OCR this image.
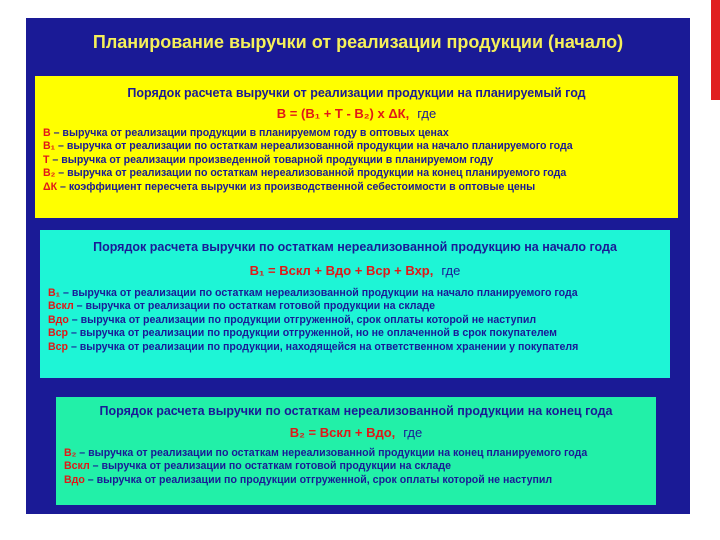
Планирование выручки от реализации продукции (начало)
Порядок расчета выручки от реализации продукции на планируемый год
В = (В₁ + Т - В₂) х ΔК, где
В – выручка от реализации продукции в планируемом году в оптовых ценах
В₁ – выручка от реализации по остаткам нереализованной продукции на начало планируемого года
Т – выручка от реализации произведенной товарной продукции в планируемом году
В₂ – выручка от реализации по остаткам нереализованной продукции на конец планируемого года
ΔК – коэффициент пересчета выручки из производственной себестоимости в оптовые цены
Порядок расчета выручки по остаткам нереализованной продукцию на начало года
В₁ = Вскл + Вдо + Вср + Вхр, где
В₁ – выручка от реализации по остаткам нереализованной продукции на начало планируемого года
Вскл – выручка от реализации по остаткам готовой продукции на складе
Вдо – выручка от реализации по продукции отгруженной, срок оплаты которой не наступил
Вср – выручка от реализации по продукции отгруженной, но не оплаченной в срок покупателем
Всp – выручка от реализации по продукции, находящейся на ответственном хранении у покупателя
Порядок расчета выручки по остаткам нереализованной продукции на конец года
В₂ = Вскл + Вдо, где
В₂ – выручка от реализации по остаткам нереализованной продукции на конец планируемого года
Вскл – выручка от реализации по остаткам готовой продукции на складе
Вдо – выручка от реализации по продукции отгруженной, срок оплаты которой не наступил
